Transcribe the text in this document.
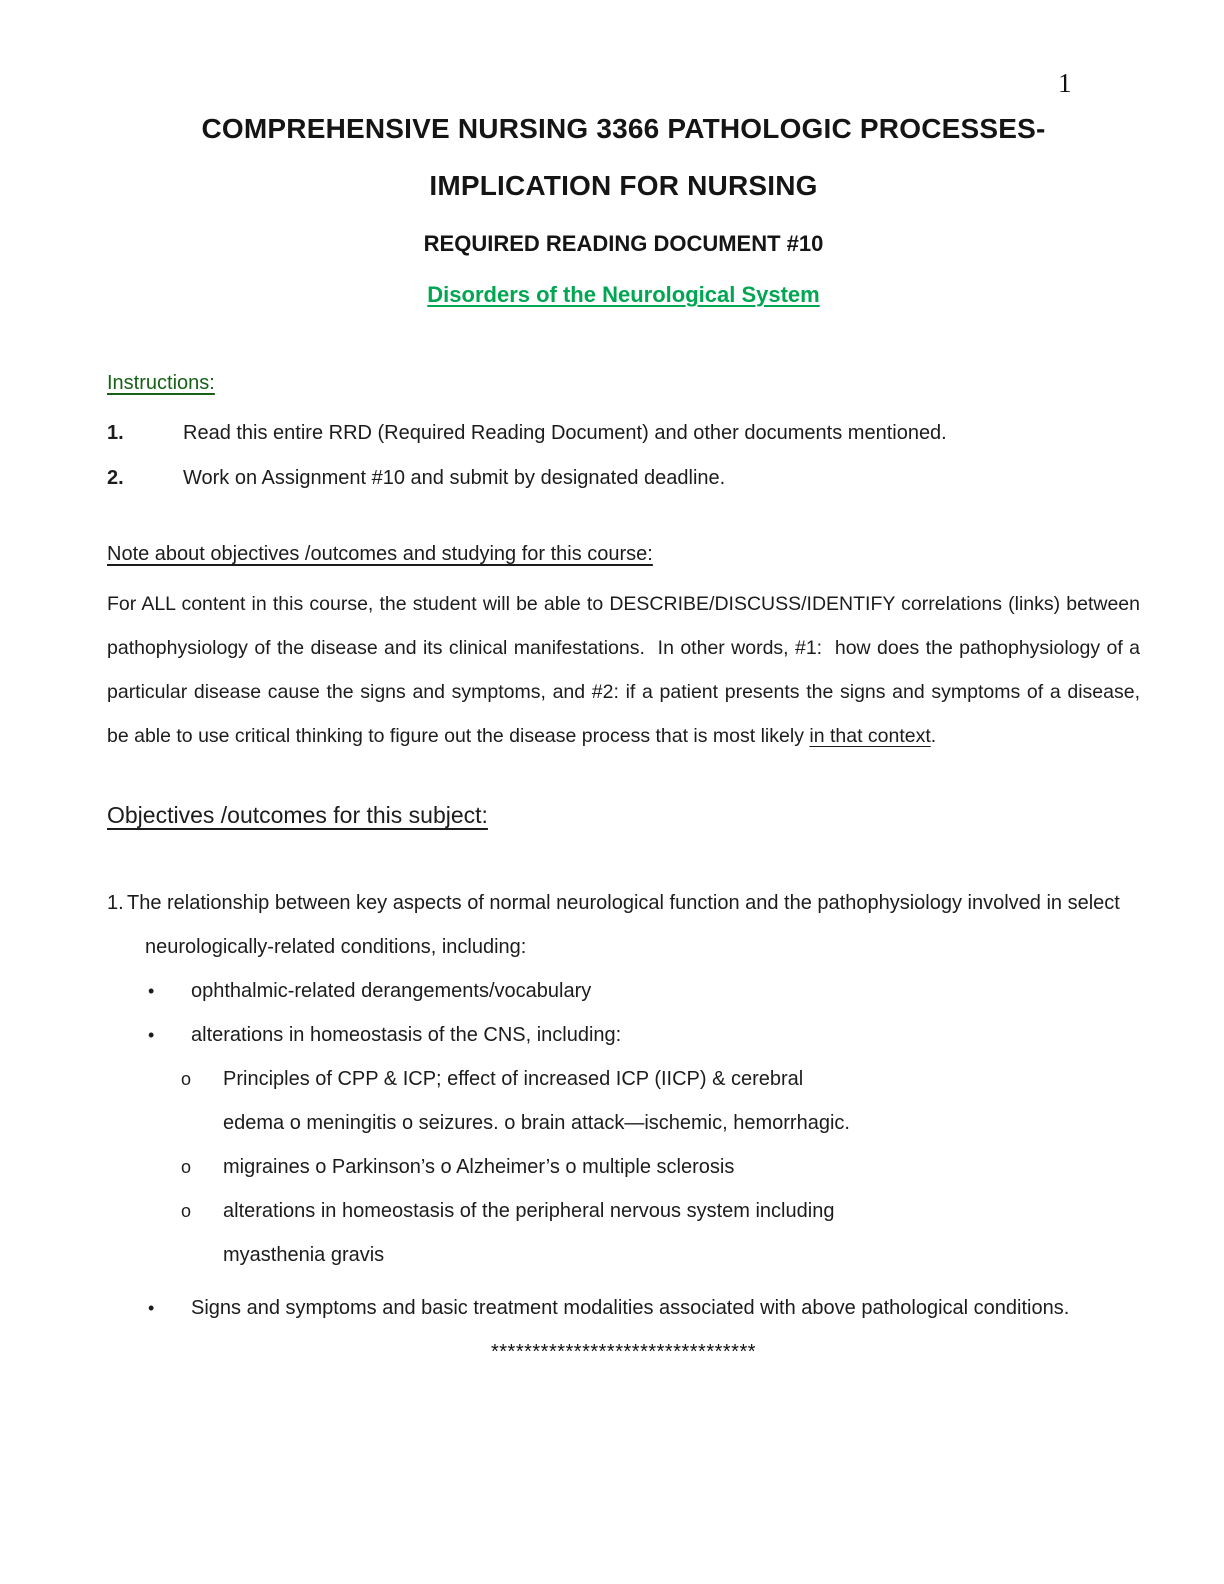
1
COMPREHENSIVE NURSING 3366 PATHOLOGIC PROCESSES-
IMPLICATION FOR NURSING
REQUIRED READING DOCUMENT #10
Disorders of the Neurological System
Instructions:
1.	Read this entire RRD (Required Reading Document) and other documents mentioned.
2.	Work on Assignment #10 and submit by designated deadline.
Note about objectives /outcomes and studying for this course:

For ALL content in this course, the student will be able to DESCRIBE/DISCUSS/IDENTIFY correlations (links) between pathophysiology of the disease and its clinical manifestations.  In other words, #1:  how does the pathophysiology of a particular disease cause the signs and symptoms, and #2: if a patient presents the signs and symptoms of a disease, be able to use critical thinking to figure out the disease process that is most likely in that context.

Objectives /outcomes for this subject:
1. The relationship between key aspects of normal neurological function and the pathophysiology involved in select
neurologically-related conditions, including:
• ophthalmic-related derangements/vocabulary
• alterations in homeostasis of the CNS, including:
o Principles of CPP & ICP; effect of increased ICP (IICP) & cerebral
edema o meningitis o seizures. o brain attack—ischemic, hemorrhagic.
o migraines o Parkinson’s o Alzheimer’s o multiple sclerosis
o alterations in homeostasis of the peripheral nervous system including
myasthenia gravis
• Signs and symptoms and basic treatment modalities associated with above pathological conditions.
********************************
